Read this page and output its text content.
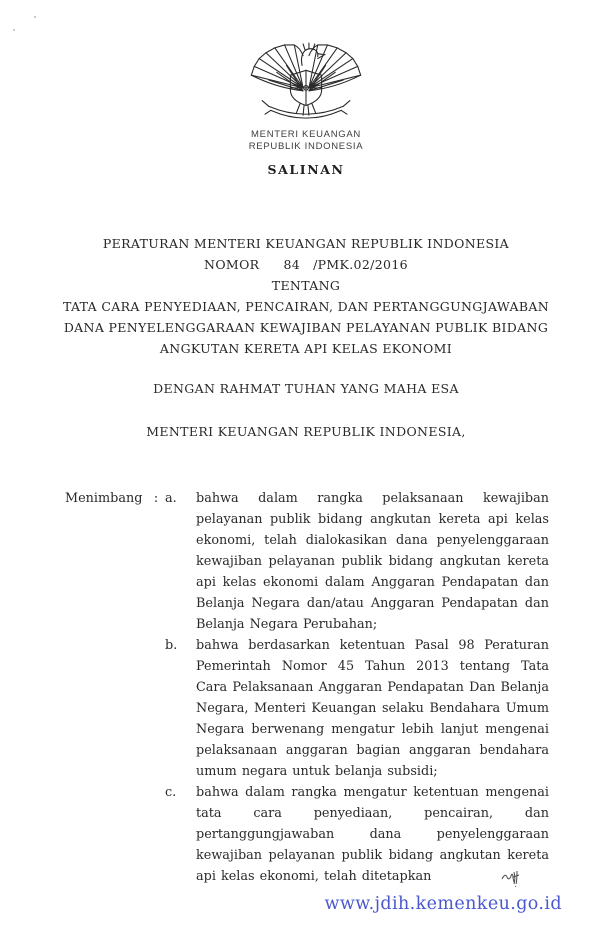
MENTERI KEUANGAN
REPUBLIK INDONESIA
SALINAN
PERATURAN MENTERI KEUANGAN REPUBLIK INDONESIA
NOMOR 84 /PMK.02/2016
TENTANG
TATA CARA PENYEDIAAN, PENCAIRAN, DAN PERTANGGUNGJAWABAN
DANA PENYELENGGARAAN KEWAJIBAN PELAYANAN PUBLIK BIDANG
ANGKUTAN KERETA API KELAS EKONOMI
DENGAN RAHMAT TUHAN YANG MAHA ESA
MENTERI KEUANGAN REPUBLIK INDONESIA,
Menimbang : a.	bahwa dalam rangka pelaksanaan kewajiban pelayanan publik bidang angkutan kereta api kelas ekonomi, telah dialokasikan dana penyelenggaraan kewajiban pelayanan publik bidang angkutan kereta api kelas ekonomi dalam Anggaran Pendapatan dan Belanja Negara dan/atau Anggaran Pendapatan dan Belanja Negara Perubahan;
b.	bahwa berdasarkan ketentuan Pasal 98 Peraturan Pemerintah Nomor 45 Tahun 2013 tentang Tata Cara Pelaksanaan Anggaran Pendapatan Dan Belanja Negara, Menteri Keuangan selaku Bendahara Umum Negara berwenang mengatur lebih lanjut mengenai pelaksanaan anggaran bagian anggaran bendahara umum negara untuk belanja subsidi;
c.	bahwa dalam rangka mengatur ketentuan mengenai tata cara penyediaan, pencairan, dan pertanggungjawaban dana penyelenggaraan kewajiban pelayanan publik bidang angkutan kereta api kelas ekonomi, telah ditetapkan
www.jdih.kemenkeu.go.id
